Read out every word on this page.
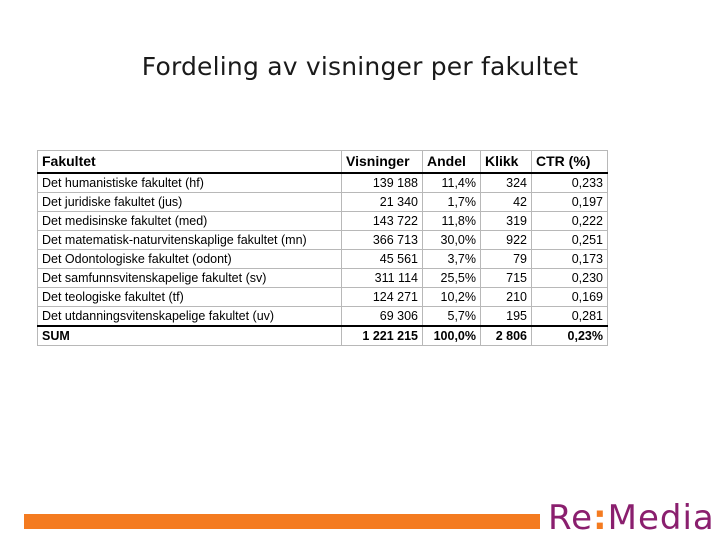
Fordeling av visninger per fakultet
Fakultet	Visninger	Andel	Klikk	CTR (%)
Det humanistiske fakultet (hf)	139 188	11,4%	324	0,233
Det juridiske fakultet (jus)	21 340	1,7%	42	0,197
Det medisinske fakultet (med)	143 722	11,8%	319	0,222
Det matematisk-naturvitenskaplige fakultet (mn)	366 713	30,0%	922	0,251
Det Odontologiske fakultet (odont)	45 561	3,7%	79	0,173
Det samfunnsvitenskapelige fakultet (sv)	311 114	25,5%	715	0,230
Det teologiske fakultet (tf)	124 271	10,2%	210	0,169
Det utdanningsvitenskapelige fakultet (uv)	69 306	5,7%	195	0,281
SUM	1 221 215	100,0%	2 806	0,23%
Re:Media
